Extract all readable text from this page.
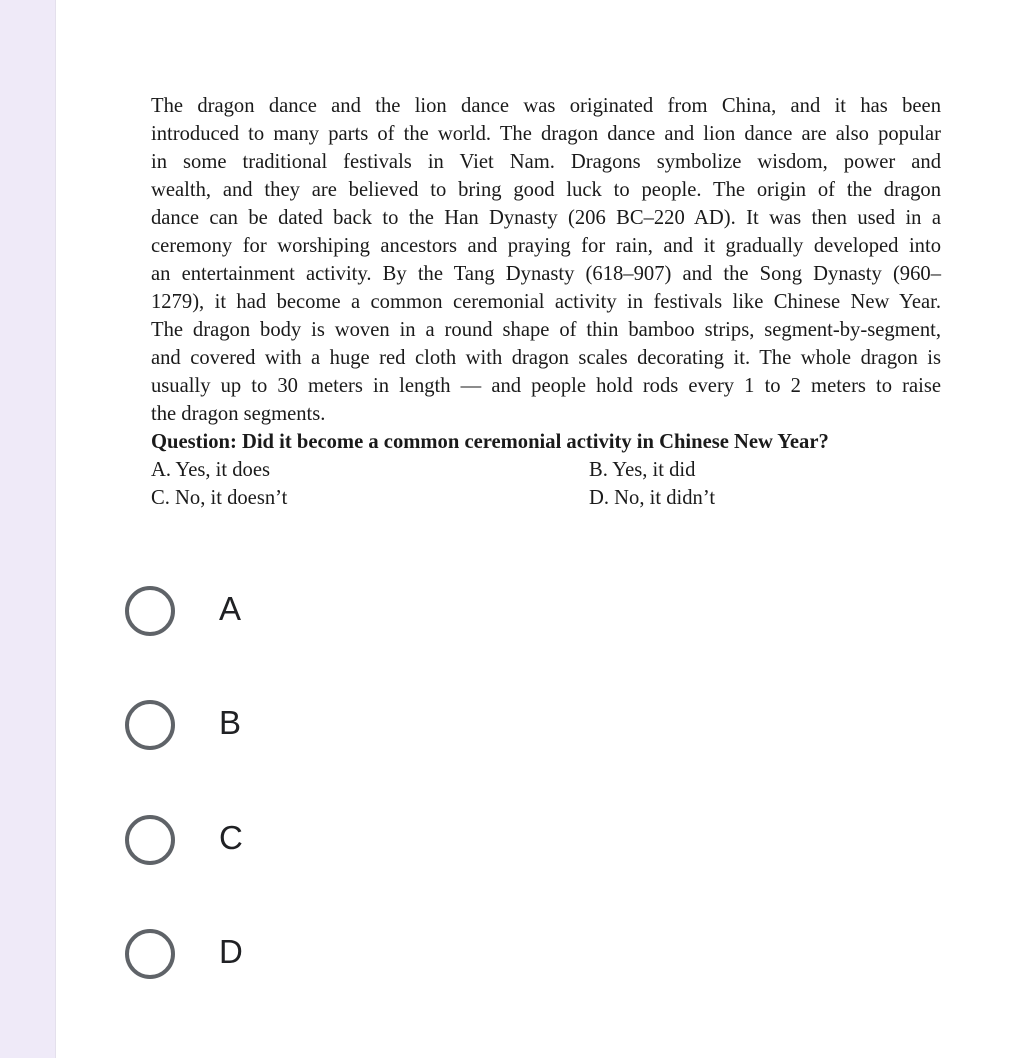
The dragon dance and the lion dance was originated from China, and it has been
introduced to many parts of the world. The dragon dance and lion dance are also popular
in some traditional festivals in Viet Nam. Dragons symbolize wisdom, power and
wealth, and they are believed to bring good luck to people. The origin of the dragon
dance can be dated back to the Han Dynasty (206 BC–220 AD). It was then used in a
ceremony for worshiping ancestors and praying for rain, and it gradually developed into
an entertainment activity. By the Tang Dynasty (618–907) and the Song Dynasty (960–
1279), it had become a common ceremonial activity in festivals like Chinese New Year.
The dragon body is woven in a round shape of thin bamboo strips, segment-by-segment,
and covered with a huge red cloth with dragon scales decorating it. The whole dragon is
usually up to 30 meters in length — and people hold rods every 1 to 2 meters to raise
the dragon segments.

Question: Did it become a common ceremonial activity in Chinese New Year?

A. Yes, it does	B. Yes, it did
C. No, it doesn’t	D. No, it didn’t
A
B
C
D
